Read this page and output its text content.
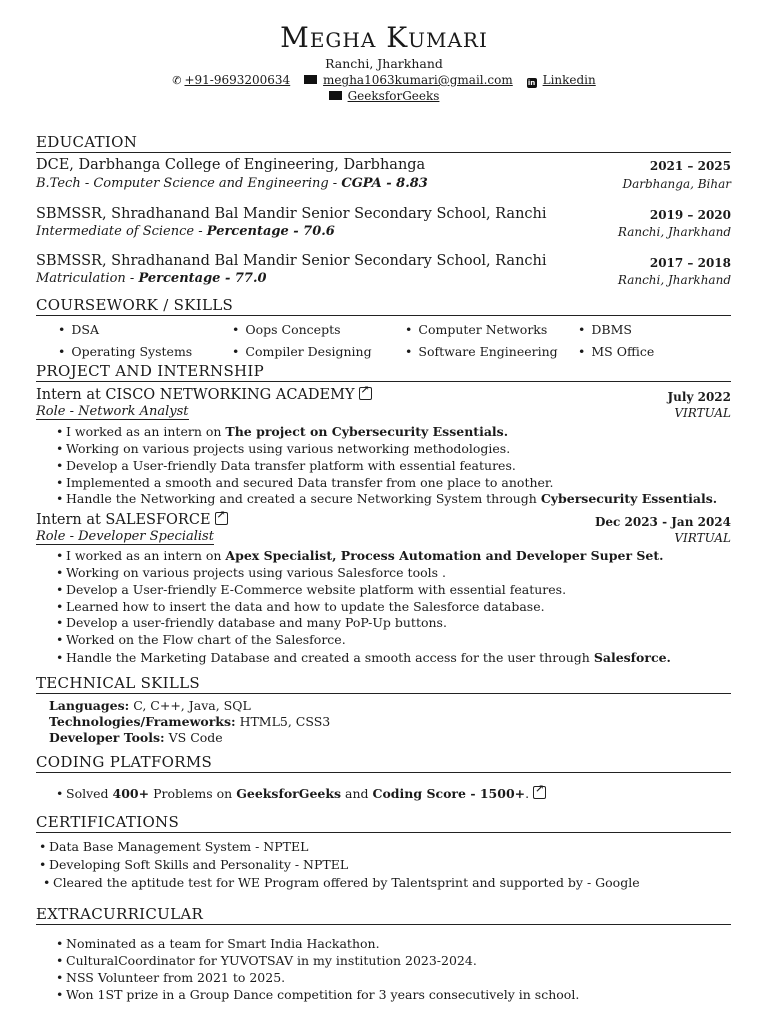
Megha Kumari
Ranchi, Jharkhand
✆ +91-9693200634	megha1063kumari@gmail.com in Linkedin
GeeksforGeeks
EDUCATION
DCE, Darbhanga College of Engineering, Darbhanga	2021 – 2025
B.Tech - Computer Science and Engineering - CGPA - 8.83	Darbhanga, Bihar
SBMSSR, Shradhanand Bal Mandir Senior Secondary School, Ranchi	2019 – 2020
Intermediate of Science - Percentage - 70.6	Ranchi, Jharkhand
SBMSSR, Shradhanand Bal Mandir Senior Secondary School, Ranchi	2017 – 2018
Matriculation - Percentage - 77.0	Ranchi, Jharkhand
COURSEWORK / SKILLS
• DSA	• Oops Concepts	• Computer Networks	• DBMS
• Operating Systems	• Compiler Designing	• Software Engineering	• MS Office
PROJECT AND INTERNSHIP
Intern at CISCO NETWORKING ACADEMY ↗	July 2022
Role - Network Analyst	VIRTUAL
• I worked as an intern on The project on Cybersecurity Essentials.
• Working on various projects using various networking methodologies.
• Develop a User-friendly Data transfer platform with essential features.
• Implemented a smooth and secured Data transfer from one place to another.
• Handle the Networking and created a secure Networking System through Cybersecurity Essentials.
Intern at SALESFORCE ↗	Dec 2023 - Jan 2024
Role - Developer Specialist	VIRTUAL
• I worked as an intern on Apex Specialist, Process Automation and Developer Super Set.
• Working on various projects using various Salesforce tools .
• Develop a User-friendly E-Commerce website platform with essential features.
• Learned how to insert the data and how to update the Salesforce database.
• Develop a user-friendly database and many PoP-Up buttons.
• Worked on the Flow chart of the Salesforce.
• Handle the Marketing Database and created a smooth access for the user through Salesforce.
TECHNICAL SKILLS
Languages: C, C++, Java, SQL
Technologies/Frameworks: HTML5, CSS3
Developer Tools: VS Code
CODING PLATFORMS
• Solved 400+ Problems on GeeksforGeeks and Coding Score - 1500+.↗
CERTIFICATIONS
• Data Base Management System - NPTEL
• Developing Soft Skills and Personality - NPTEL
• Cleared the aptitude test for WE Program offered by Talentsprint and supported by - Google
EXTRACURRICULAR
• Nominated as a team for Smart India Hackathon.
• CulturalCoordinator for YUVOTSAV in my institution 2023-2024.
• NSS Volunteer from 2021 to 2025.
• Won 1ST prize in a Group Dance competition for 3 years consecutively in school.
